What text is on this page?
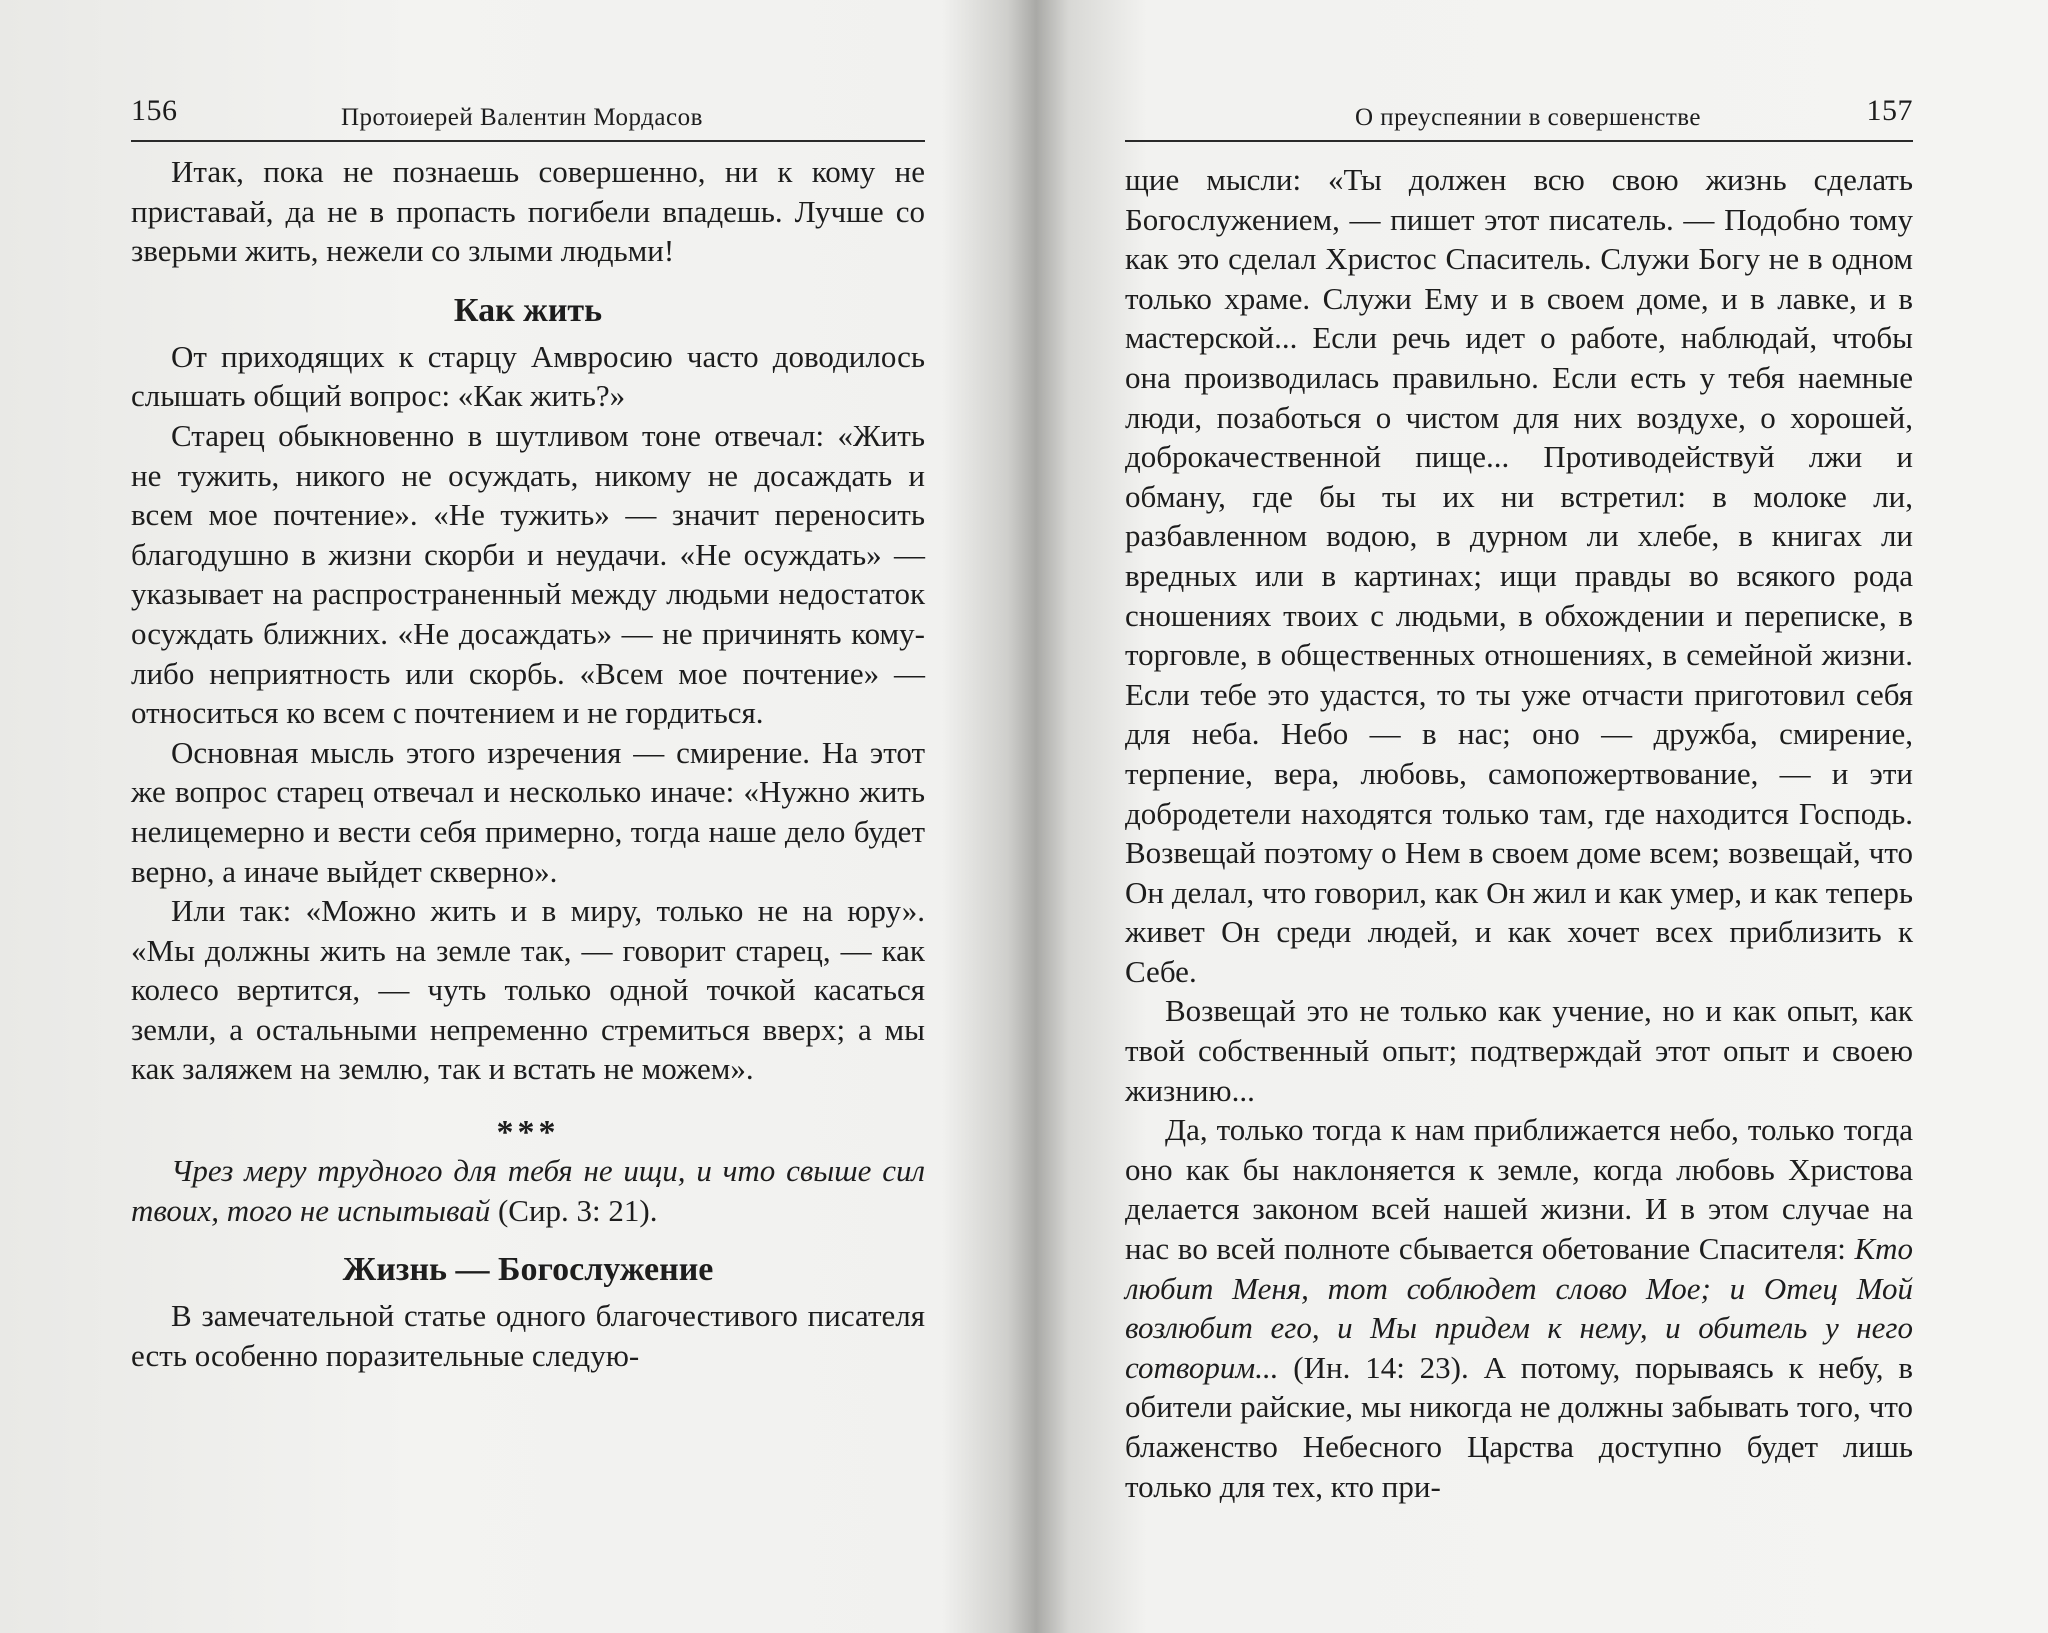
156	Протоиерей Валентин Мордасов

Итак, пока не познаешь совершенно, ни к кому не приставай, да не в пропасть погибели впадешь. Лучше со зверьми жить, нежели со злыми людьми!

Как жить

От приходящих к старцу Амвросию часто доводилось слышать общий вопрос: «Как жить?»

Старец обыкновенно в шутливом тоне отвечал: «Жить не тужить, никого не осуждать, никому не досаждать и всем мое почтение». «Не тужить» — значит переносить благодушно в жизни скорби и неудачи. «Не осуждать» — указывает на распространенный между людьми недостаток осуждать ближних. «Не досаждать» — не причинять кому-либо неприятность или скорбь. «Всем мое почтение» — относиться ко всем с почтением и не гордиться.

Основная мысль этого изречения — смирение. На этот же вопрос старец отвечал и несколько иначе: «Нужно жить нелицемерно и вести себя примерно, тогда наше дело будет верно, а иначе выйдет скверно».

Или так: «Можно жить и в миру, только не на юру». «Мы должны жить на земле так, — говорит старец, — как колесо вертится, — чуть только одной точкой касаться земли, а остальными непременно стремиться вверх; а мы как заляжем на землю, так и встать не можем».

***

Чрез меру трудного для тебя не ищи, и что свыше сил твоих, того не испытывай (Сир. 3: 21).

Жизнь — Богослужение

В замечательной статье одного благочестивого писателя есть особенно поразительные следую-

О преуспеянии в совершенстве	157

щие мысли: «Ты должен всю свою жизнь сделать Богослужением, — пишет этот писатель. — Подобно тому как это сделал Христос Спаситель. Служи Богу не в одном только храме. Служи Ему и в своем доме, и в лавке, и в мастерской... Если речь идет о работе, наблюдай, чтобы она производилась правильно. Если есть у тебя наемные люди, позаботься о чистом для них воздухе, о хорошей, доброкачественной пище... Противодействуй лжи и обману, где бы ты их ни встретил: в молоке ли, разбавленном водою, в дурном ли хлебе, в книгах ли вредных или в картинах; ищи правды во всякого рода сношениях твоих с людьми, в обхождении и переписке, в торговле, в общественных отношениях, в семейной жизни. Если тебе это удастся, то ты уже отчасти приготовил себя для неба. Небо — в нас; оно — дружба, смирение, терпение, вера, любовь, самопожертвование, — и эти добродетели находятся только там, где находится Господь. Возвещай поэтому о Нем в своем доме всем; возвещай, что Он делал, что говорил, как Он жил и как умер, и как теперь живет Он среди людей, и как хочет всех приблизить к Себе.

Возвещай это не только как учение, но и как опыт, как твой собственный опыт; подтверждай этот опыт и своею жизнию...

Да, только тогда к нам приближается небо, только тогда оно как бы наклоняется к земле, когда любовь Христова делается законом всей нашей жизни. И в этом случае на нас во всей полноте сбывается обетование Спасителя: Кто любит Меня, тот соблюдет слово Мое; и Отец Мой возлюбит его, и Мы придем к нему, и обитель у него сотворим... (Ин. 14: 23). А потому, порываясь к небу, в обители райские, мы никогда не должны забывать того, что блаженство Небесного Царства доступно будет лишь только для тех, кто при-
